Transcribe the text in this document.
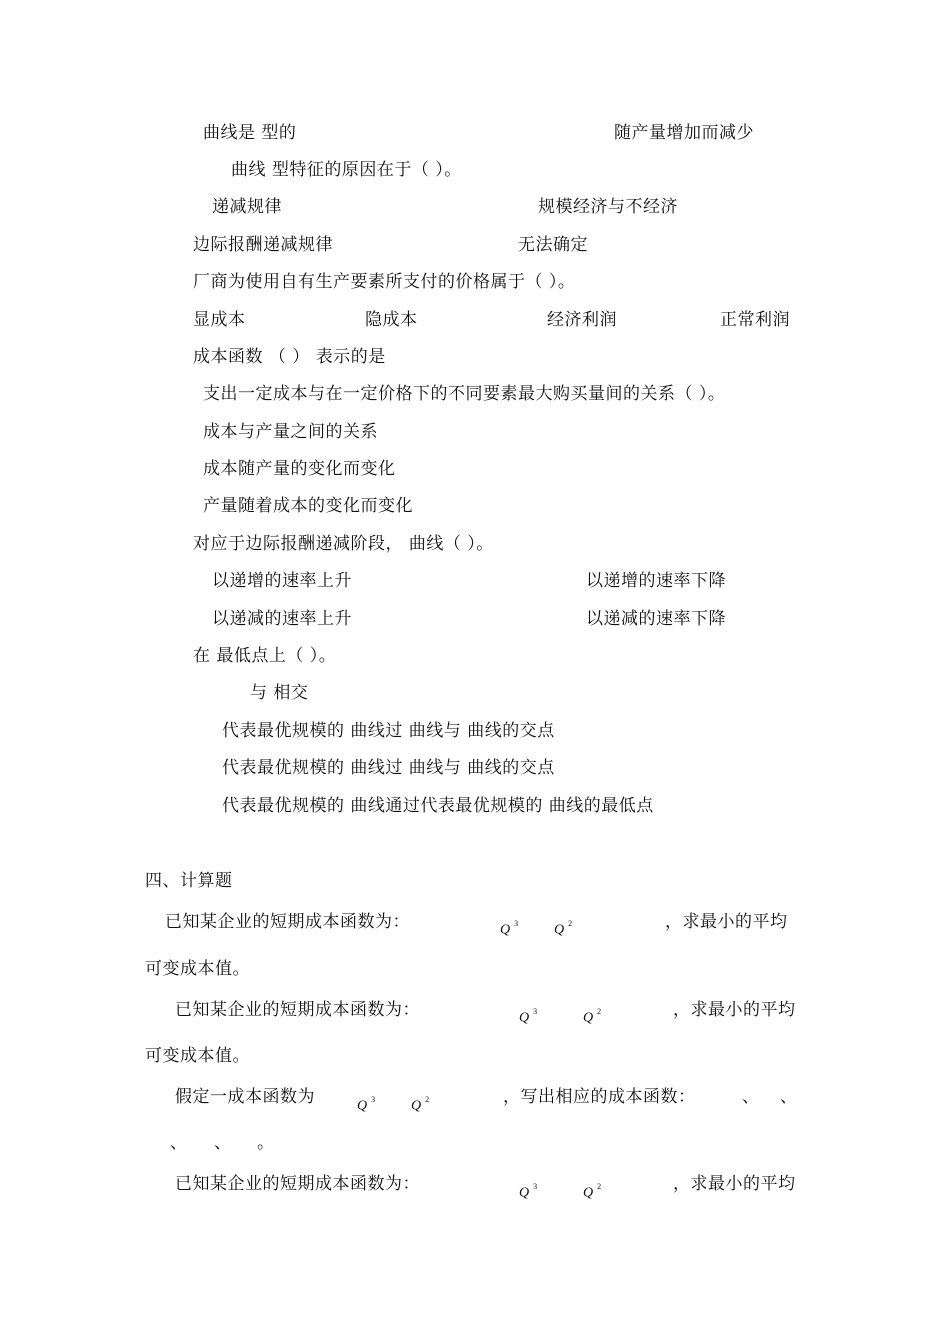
曲线是 型的	随产量增加而减少
曲线 型特征的原因在于（ ）。
递减规律	规模经济与不经济
边际报酬递减规律	无法确定
厂商为使用自有生产要素所支付的价格属于（ ）。
显成本	隐成本	经济利润	正常利润
成本函数 （ ） 表示的是
支出一定成本与在一定价格下的不同要素最大购买量间的关系（ ）。
成本与产量之间的关系
成本随产量的变化而变化
产量随着成本的变化而变化
对应于边际报酬递减阶段， 曲线（ ）。
以递增的速率上升	以递增的速率下降
以递减的速率上升	以递减的速率下降
在 最低点上（ ）。
与 相交
代表最优规模的 曲线过 曲线与 曲线的交点
代表最优规模的 曲线过 曲线与 曲线的交点
代表最优规模的 曲线通过代表最优规模的 曲线的最低点
四、计算题
已知某企业的短期成本函数为：	Q $^3$	Q $^2$	，求最小的平均
可变成本值。
已知某企业的短期成本函数为：	Q $^3$	Q $^2$	，求最小的平均
可变成本值。
假定一成本函数为	Q $^3$	Q $^2$	，写出相应的成本函数：	、 、
、 、 。
已知某企业的短期成本函数为：	Q $^3$	Q $^2$	，求最小的平均
